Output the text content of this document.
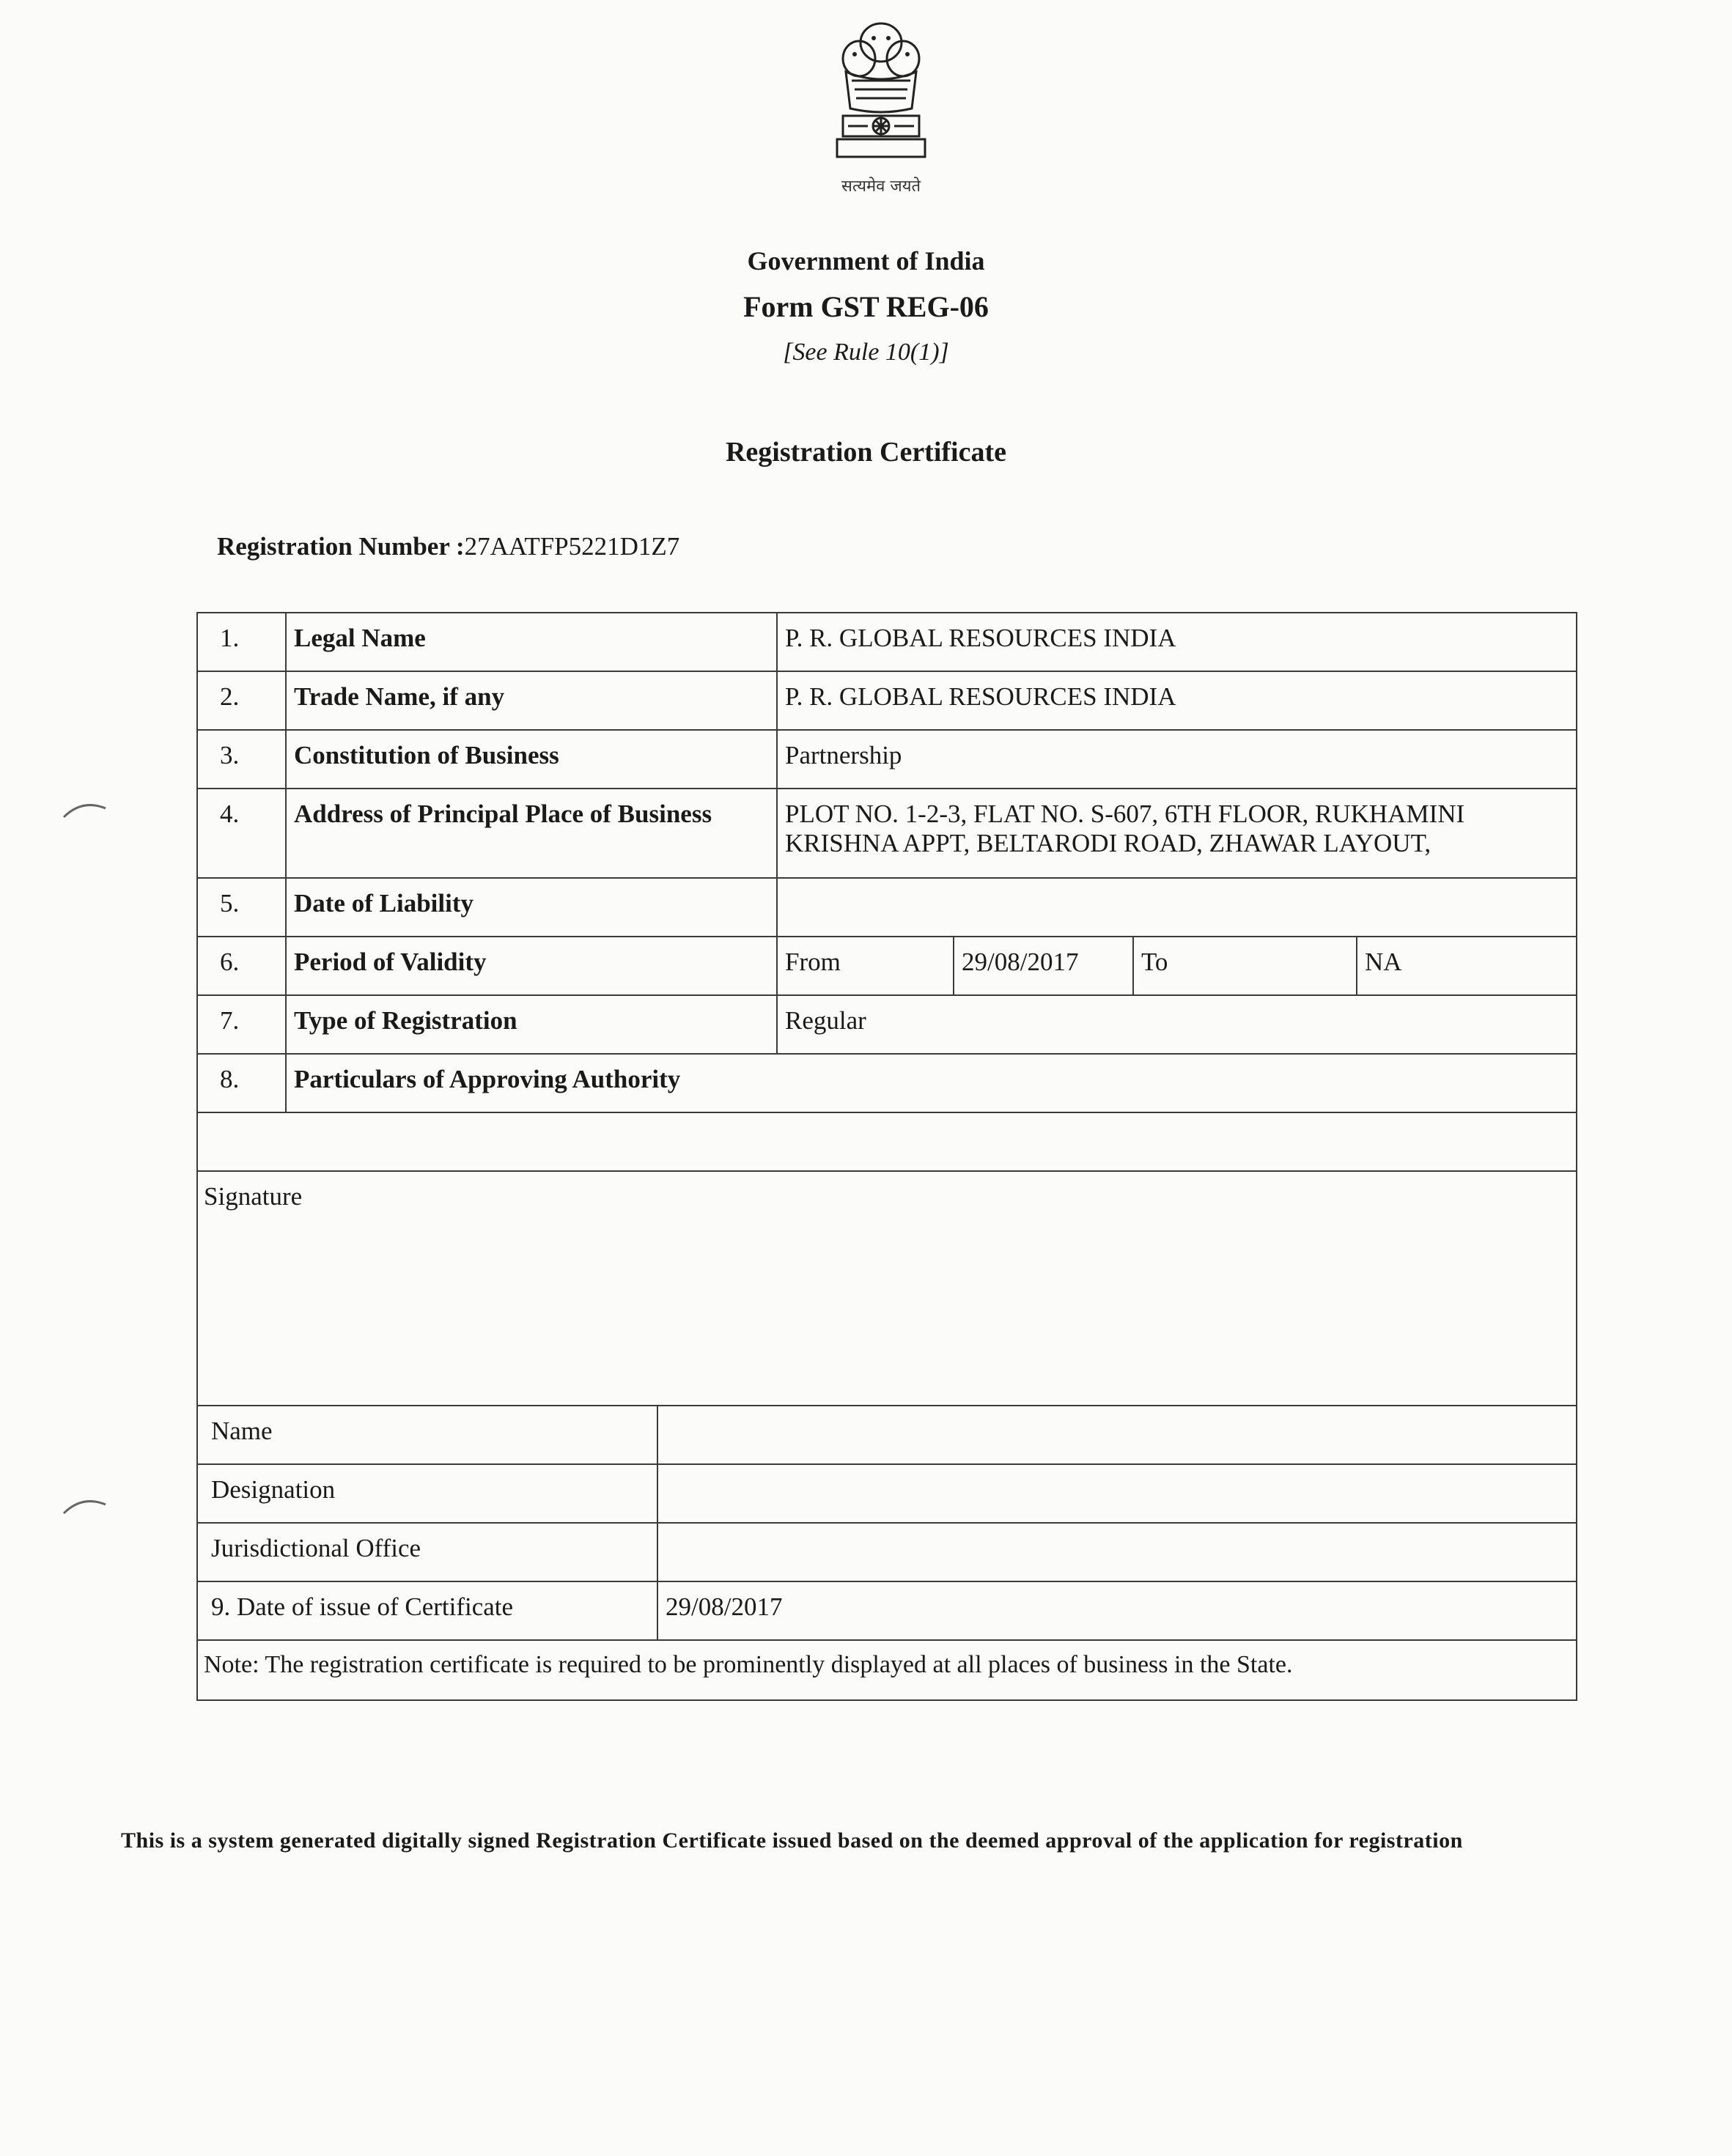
सत्यमेव जयते
Government of India
Form GST REG-06
[See Rule 10(1)]
Registration Certificate
Registration Number :27AATFP5221D1Z7
1.	Legal Name	P. R. GLOBAL RESOURCES INDIA
2.	Trade Name, if any	P. R. GLOBAL RESOURCES INDIA
3.	Constitution of Business	Partnership
4.	Address of Principal Place of Business	PLOT NO. 1-2-3, FLAT NO. S-607, 6TH FLOOR, RUKHAMINI KRISHNA APPT, BELTARODI ROAD, ZHAWAR LAYOUT,
5.	Date of Liability
6.	Period of Validity	From	29/08/2017	To	NA
7.	Type of Registration	Regular
8.	Particulars of Approving Authority
Signature
Name
Designation
Jurisdictional Office
9. Date of issue of Certificate	29/08/2017
Note: The registration certificate is required to be prominently displayed at all places of business in the State.
This is a system generated digitally signed Registration Certificate issued based on the deemed approval of the application for registration
